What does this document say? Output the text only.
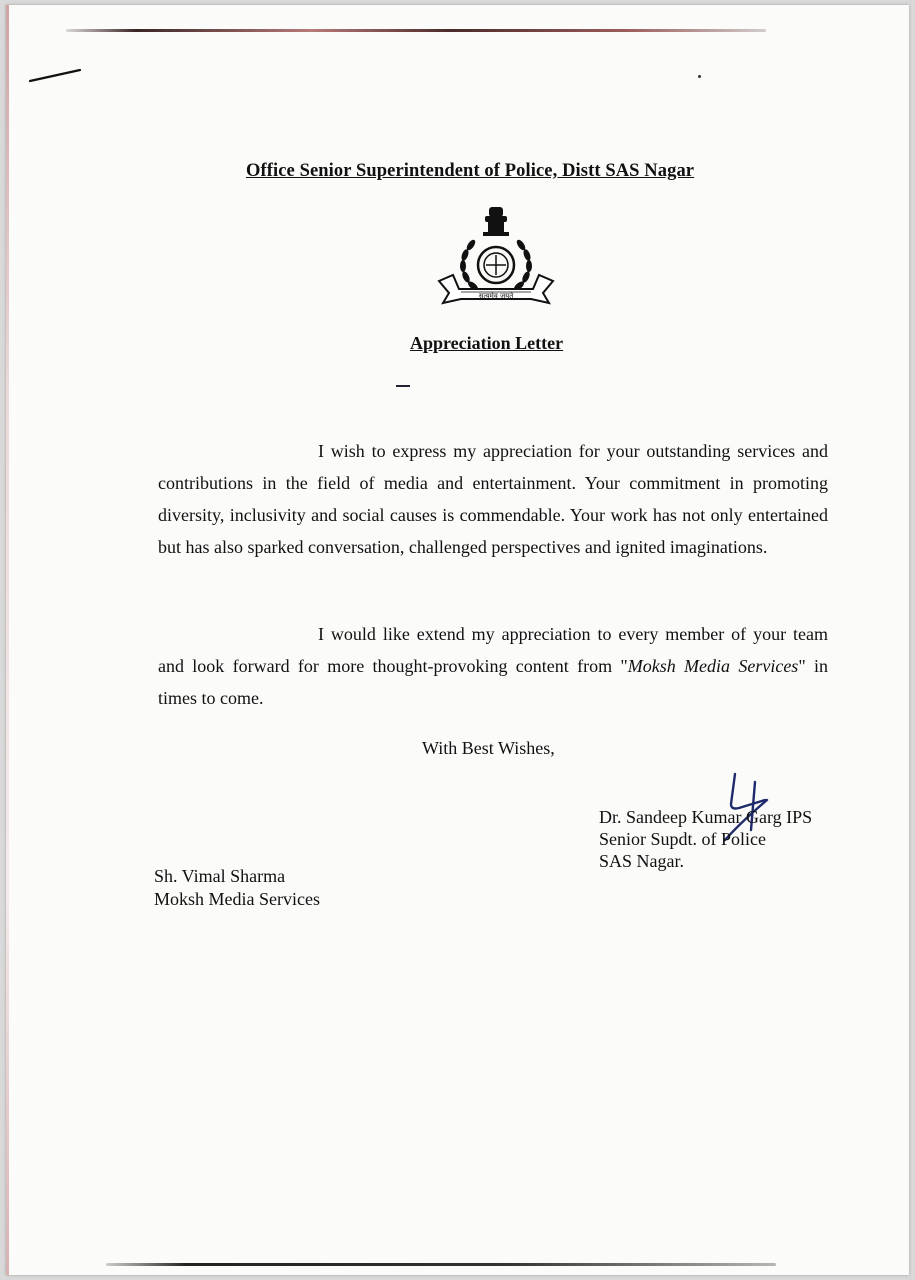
Office Senior Superintendent of Police, Distt SAS Nagar
सत्यमेव जयते
Appreciation Letter
I wish to express my appreciation for your outstanding services and contributions in the field of media and entertainment. Your commitment in promoting diversity, inclusivity and social causes is commendable. Your work has not only entertained but has also sparked conversation, challenged perspectives and ignited imaginations.
I would like extend my appreciation to every member of your team and look forward for more thought-provoking content from "Moksh Media Services" in times to come.
With Best Wishes,
Dr. Sandeep Kumar Garg IPS
Senior Supdt. of Police
SAS Nagar.
Sh. Vimal Sharma
Moksh Media Services
